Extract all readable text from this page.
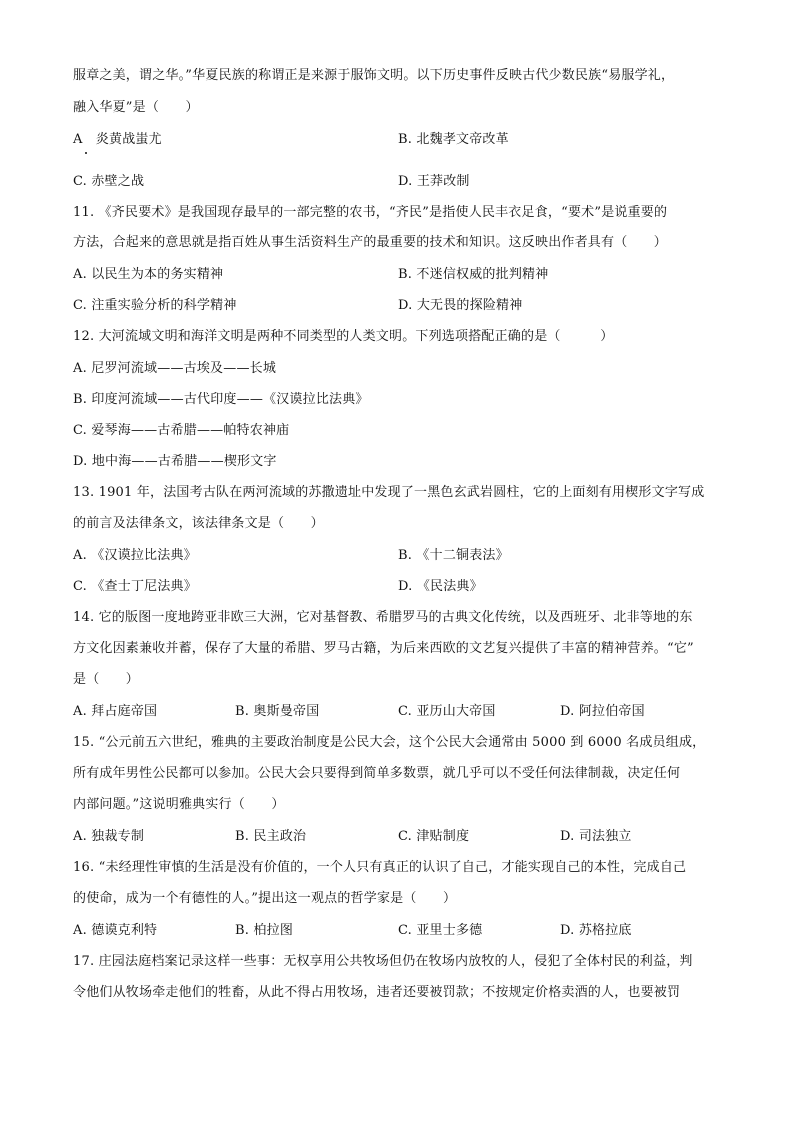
服章之美，谓之华。”华夏民族的称谓正是来源于服饰文明。以下历史事件反映古代少数民族“易服学礼，
融入华夏”是（　　）
A　炎黄战蚩尤	B. 北魏孝文帝改革
C. 赤壁之战	D. 王莽改制
11. 《齐民要术》是我国现存最早的一部完整的农书，“齐民”是指使人民丰衣足食，“要术”是说重要的
方法，合起来的意思就是指百姓从事生活资料生产的最重要的技术和知识。这反映出作者具有（　　）
A. 以民生为本的务实精神	B. 不迷信权威的批判精神
C. 注重实验分析的科学精神	D. 大无畏的探险精神
12. 大河流域文明和海洋文明是两种不同类型的人类文明。下列选项搭配正确的是（　　　）
A. 尼罗河流域——古埃及——长城
B. 印度河流域——古代印度——《汉谟拉比法典》
C. 爱琴海——古希腊——帕特农神庙
D. 地中海——古希腊——楔形文字
13. 1901 年，法国考古队在两河流域的苏撒遗址中发现了一黑色玄武岩圆柱，它的上面刻有用楔形文字写成
的前言及法律条文，该法律条文是（　　）
A. 《汉谟拉比法典》	B. 《十二铜表法》
C. 《查士丁尼法典》	D. 《民法典》
14. 它的版图一度地跨亚非欧三大洲，它对基督教、希腊罗马的古典文化传统，以及西班牙、北非等地的东
方文化因素兼收并蓄，保存了大量的希腊、罗马古籍，为后来西欧的文艺复兴提供了丰富的精神营养。“它”
是（　　）
A. 拜占庭帝国	B. 奥斯曼帝国	C. 亚历山大帝国	D. 阿拉伯帝国
15. “公元前五六世纪，雅典的主要政治制度是公民大会，这个公民大会通常由 5000 到 6000 名成员组成，
所有成年男性公民都可以参加。公民大会只要得到简单多数票，就几乎可以不受任何法律制裁，决定任何
内部问题。”这说明雅典实行（　　）
A. 独裁专制	B. 民主政治	C. 津贴制度	D. 司法独立
16. “未经理性审慎的生活是没有价值的，一个人只有真正的认识了自己，才能实现自己的本性，完成自己
的使命，成为一个有德性的人。”提出这一观点的哲学家是（　　）
A. 德谟克利特	B. 柏拉图	C. 亚里士多德	D. 苏格拉底
17. 庄园法庭档案记录这样一些事：无权享用公共牧场但仍在牧场内放牧的人，侵犯了全体村民的利益，判
令他们从牧场牵走他们的牲畜，从此不得占用牧场，违者还要被罚款；不按规定价格卖酒的人，也要被罚
